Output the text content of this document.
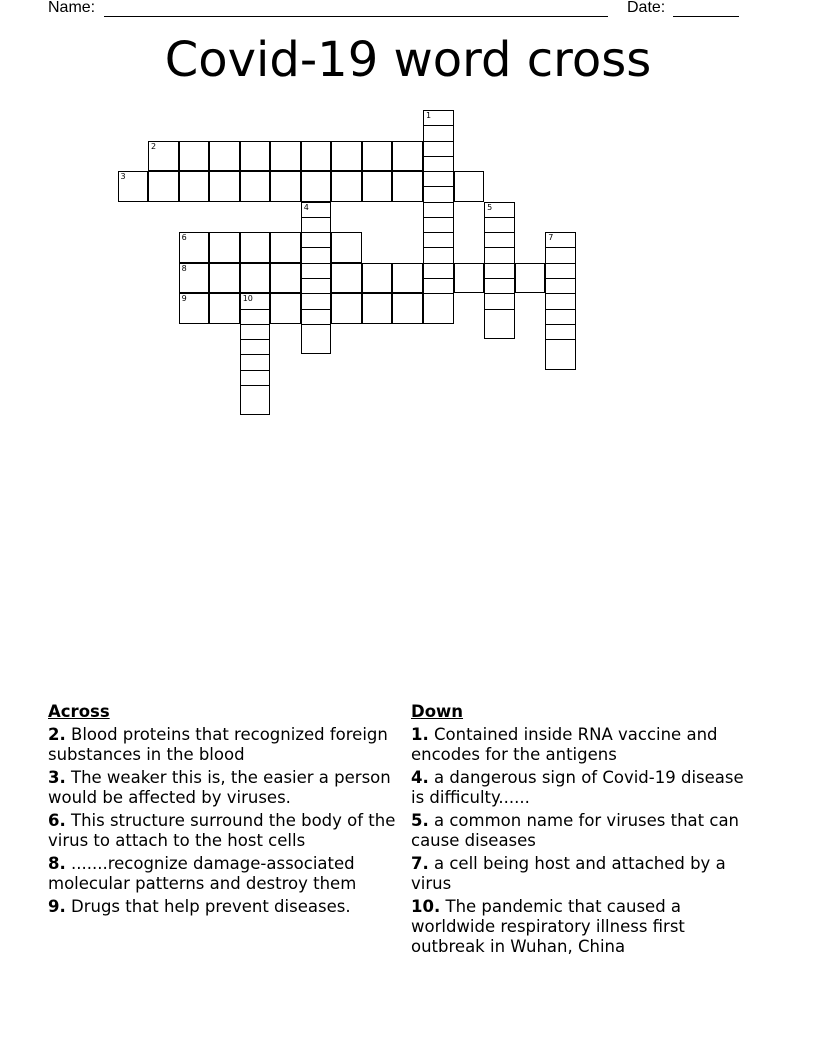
Name:	Date:
Covid-19 word cross
1
2
3
4	5
6	7
8
9	10
Across
2. Blood proteins that recognized foreign substances in the blood
3. The weaker this is, the easier a person would be affected by viruses.
6. This structure surround the body of the virus to attach to the host cells
8. .......recognize damage-associated molecular patterns and destroy them
9. Drugs that help prevent diseases.
Down
1. Contained inside RNA vaccine and encodes for the antigens
4. a dangerous sign of Covid-19 disease is difficulty......
5. a common name for viruses that can cause diseases
7. a cell being host and attached by a virus
10. The pandemic that caused a worldwide respiratory illness first outbreak in Wuhan, China
